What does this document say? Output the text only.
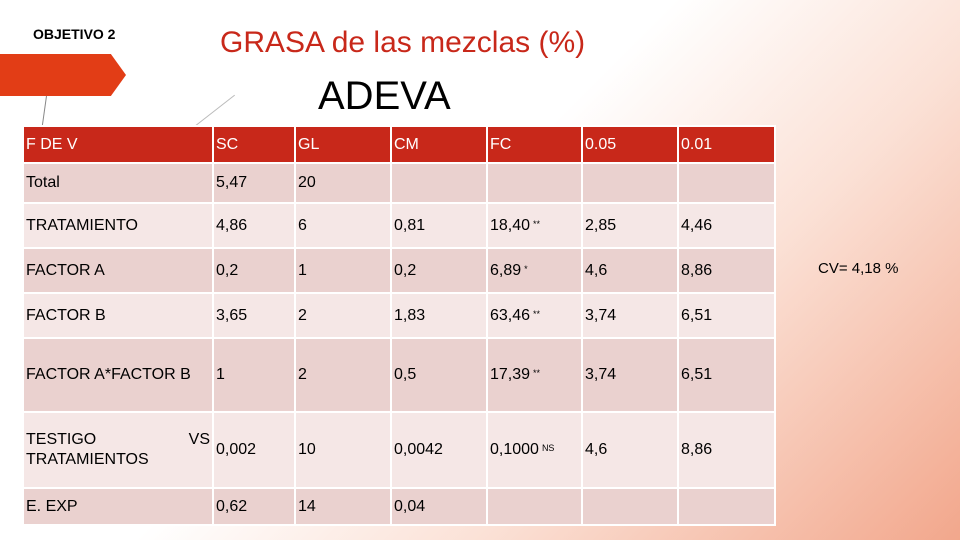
OBJETIVO 2	GRASA de las mezclas (%)
ADEVA
F DE V	SC	GL	CM	FC	0.05	0.01
Total	5,47	20				
TRATAMIENTO	4,86	6	0,81	18,40 **	2,85	4,46
FACTOR A	0,2	1	0,2	6,89 *	4,6	8,86
FACTOR B	3,65	2	1,83	63,46 **	3,74	6,51
FACTOR A*FACTOR B	1	2	0,5	17,39 **	3,74	6,51

TESTIGO VS
TRATAMIENTOS	0,002	10	0,0042	0,1000 $^{NS}$	4,6	8,86
E. EXP	0,62	14	0,04			
CV= 4,18 %
